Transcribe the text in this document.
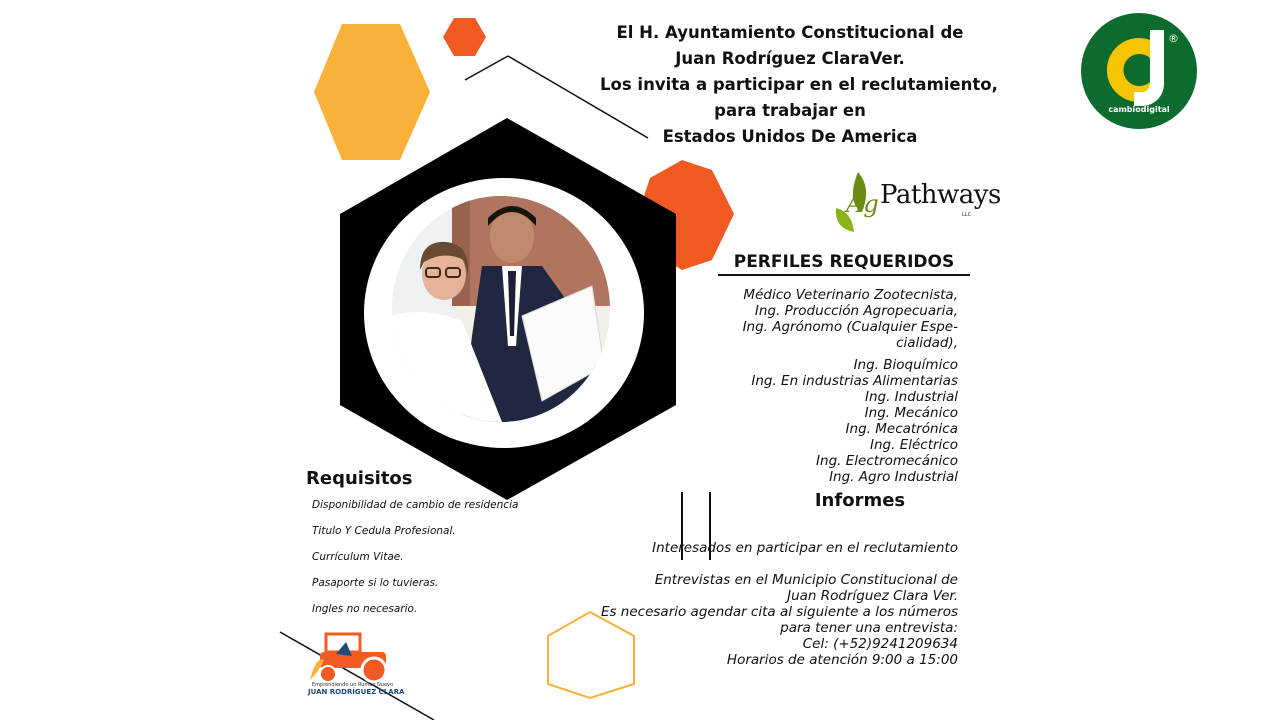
El H. Ayuntamiento Constitucional de
Juan Rodríguez ClaraVer.
Los invita a participar en el reclutamiento,
para trabajar en
Estados Unidos De America
Ag Pathways
LLC
PERFILES REQUERIDOS
Médico Veterinario Zootecnista,
Ing. Producción Agropecuaria,
Ing. Agrónomo (Cualquier Espe-
cialidad),
Ing. Bioquímico
Ing. En industrias Alimentarias
Ing. Industrial
Ing. Mecánico
Ing. Mecatrónica
Ing. Eléctrico
Ing. Electromecánico
Ing. Agro Industrial
Requisitos
Disponibilidad de cambio de residencia
Titulo Y Cedula Profesional.
Currículum Vitae.
Pasaporte si lo tuvieras.
Ingles no necesario.
Informes
Interesados en participar en el reclutamiento
Entrevistas en el Municipio Constitucional de
Juan Rodríguez Clara Ver.
Es necesario agendar cita al siguiente a los números
para tener una entrevista:
Cel: (+52)9241209634
Horarios de atención 9:00 a 15:00
®
cambiodigital
Emprendiendo un Rumbo Nuevo
JUAN RODRÍGUEZ CLARA
